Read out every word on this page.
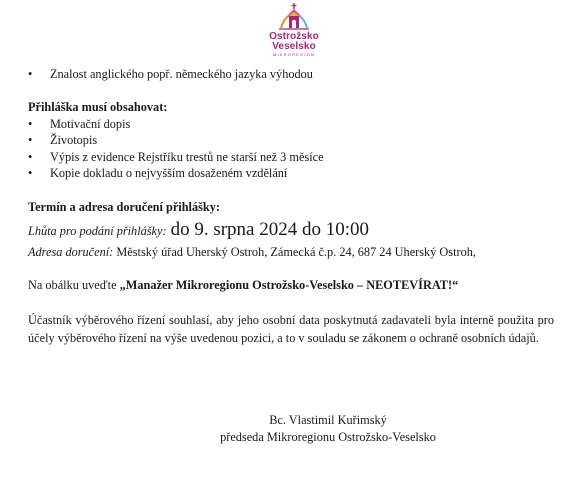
Ostrožsko
Veselsko
MIKROREGION
• Znalost anglického popř. německého jazyka výhodou
Přihláška musí obsahovat:
• Motivační dopis
• Životopis
• Výpis z evidence Rejstříku trestů ne starší než 3 měsíce
• Kopie dokladu o nejvyšším dosaženém vzdělání
Termín a adresa doručení přihlášky:
Lhůta pro podání přihlášky: do 9. srpna 2024 do 10:00
Adresa doručení: Městský úřad Uherský Ostroh, Zámecká č.p. 24, 687 24 Uherský Ostroh,
Na obálku uveďte „Manažer Mikroregionu Ostrožsko-Veselsko – NEOTEVÍRAT!“
Účastník výběrového řízení souhlasí, aby jeho osobní data poskytnutá zadavateli byla interně použita pro účely výběrového řízení na výše uvedenou pozici, a to v souladu se zákonem o ochraně osobních údajů.
Bc. Vlastimil Kuřimský
předseda Mikroregionu Ostrožsko-Veselsko
